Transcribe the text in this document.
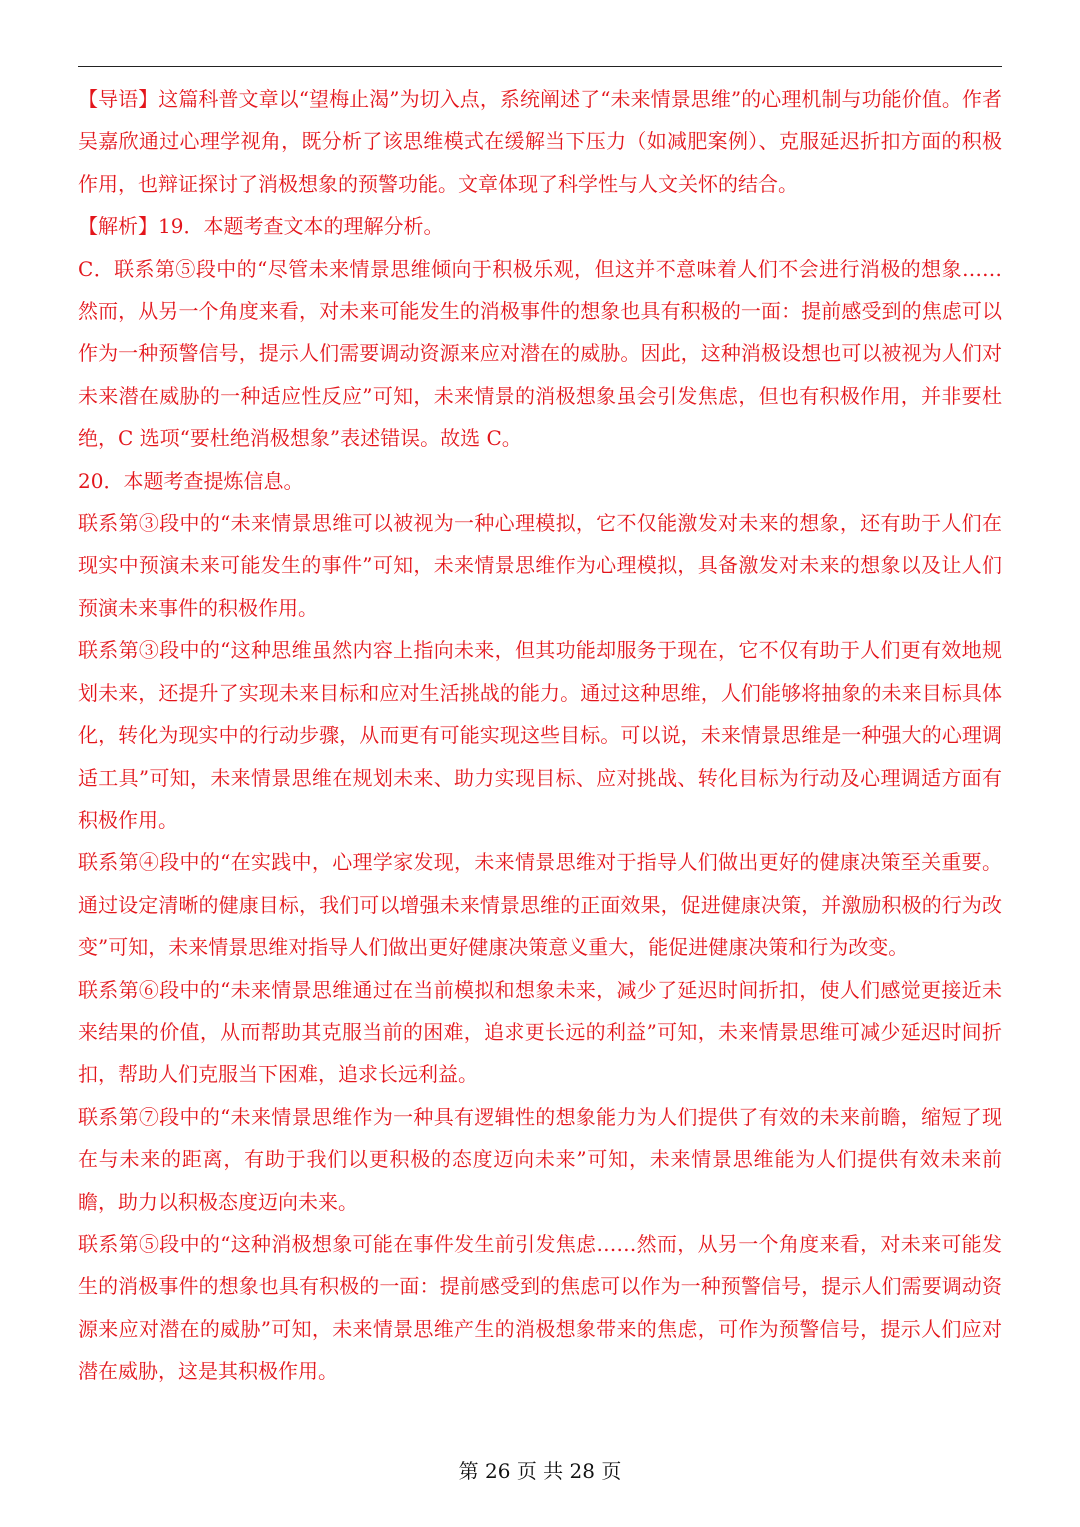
【导语】这篇科普文章以“望梅止渴”为切入点，系统阐述了“未来情景思维”的心理机制与功能价值。作者吴嘉欣通过心理学视角，既分析了该思维模式在缓解当下压力（如减肥案例）、克服延迟折扣方面的积极作用，也辩证探讨了消极想象的预警功能。文章体现了科学性与人文关怀的结合。

【解析】19．本题考查文本的理解分析。

C．联系第⑤段中的“尽管未来情景思维倾向于积极乐观，但这并不意味着人们不会进行消极的想象……然而，从另一个角度来看，对未来可能发生的消极事件的想象也具有积极的一面：提前感受到的焦虑可以作为一种预警信号，提示人们需要调动资源来应对潜在的威胁。因此，这种消极设想也可以被视为人们对未来潜在威胁的一种适应性反应”可知，未来情景的消极想象虽会引发焦虑，但也有积极作用，并非要杜绝，C 选项“要杜绝消极想象”表述错误。故选 C。

20．本题考查提炼信息。

联系第③段中的“未来情景思维可以被视为一种心理模拟，它不仅能激发对未来的想象，还有助于人们在现实中预演未来可能发生的事件”可知，未来情景思维作为心理模拟，具备激发对未来的想象以及让人们预演未来事件的积极作用。

联系第③段中的“这种思维虽然内容上指向未来，但其功能却服务于现在，它不仅有助于人们更有效地规划未来，还提升了实现未来目标和应对生活挑战的能力。通过这种思维，人们能够将抽象的未来目标具体化，转化为现实中的行动步骤，从而更有可能实现这些目标。可以说，未来情景思维是一种强大的心理调适工具”可知，未来情景思维在规划未来、助力实现目标、应对挑战、转化目标为行动及心理调适方面有积极作用。

联系第④段中的“在实践中，心理学家发现，未来情景思维对于指导人们做出更好的健康决策至关重要。通过设定清晰的健康目标，我们可以增强未来情景思维的正面效果，促进健康决策，并激励积极的行为改变”可知，未来情景思维对指导人们做出更好健康决策意义重大，能促进健康决策和行为改变。

联系第⑥段中的“未来情景思维通过在当前模拟和想象未来，减少了延迟时间折扣，使人们感觉更接近未来结果的价值，从而帮助其克服当前的困难，追求更长远的利益”可知，未来情景思维可减少延迟时间折扣，帮助人们克服当下困难，追求长远利益。

联系第⑦段中的“未来情景思维作为一种具有逻辑性的想象能力为人们提供了有效的未来前瞻，缩短了现在与未来的距离，有助于我们以更积极的态度迈向未来”可知，未来情景思维能为人们提供有效未来前瞻，助力以积极态度迈向未来。

联系第⑤段中的“这种消极想象可能在事件发生前引发焦虑……然而，从另一个角度来看，对未来可能发生的消极事件的想象也具有积极的一面：提前感受到的焦虑可以作为一种预警信号，提示人们需要调动资源来应对潜在的威胁”可知，未来情景思维产生的消极想象带来的焦虑，可作为预警信号，提示人们应对潜在威胁，这是其积极作用。

第 26 页 共 28 页
